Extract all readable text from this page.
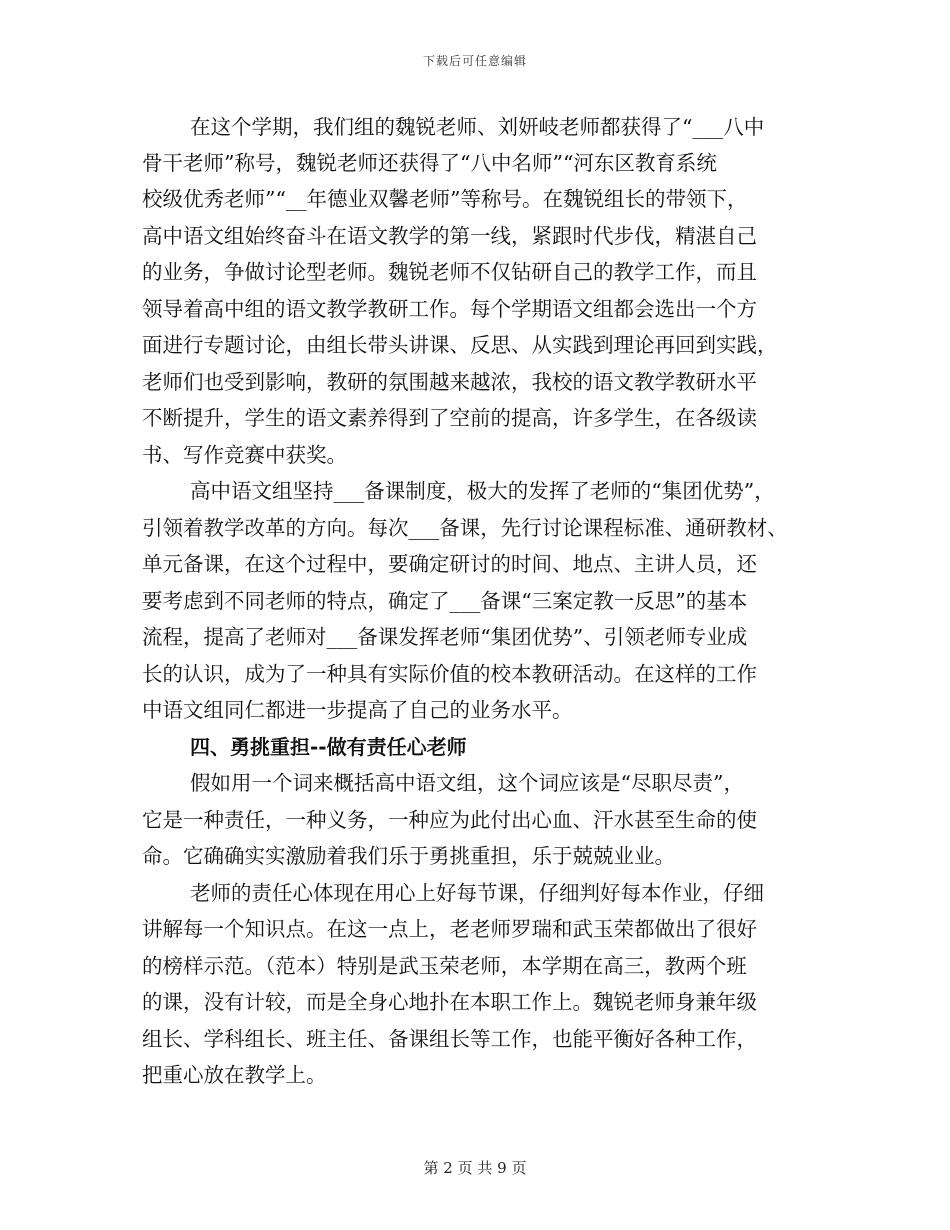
下载后可任意编辑
在这个学期，我们组的魏锐老师、刘妍岐老师都获得了“___八中
骨干老师”称号，魏锐老师还获得了“八中名师”“河东区教育系统
校级优秀老师”“__年德业双馨老师”等称号。在魏锐组长的带领下，
高中语文组始终奋斗在语文教学的第一线，紧跟时代步伐，精湛自己
的业务，争做讨论型老师。魏锐老师不仅钻研自己的教学工作，而且
领导着高中组的语文教学教研工作。每个学期语文组都会选出一个方
面进行专题讨论，由组长带头讲课、反思、从实践到理论再回到实践，
老师们也受到影响，教研的氛围越来越浓，我校的语文教学教研水平
不断提升，学生的语文素养得到了空前的提高，许多学生，在各级读
书、写作竞赛中获奖。
高中语文组坚持___备课制度，极大的发挥了老师的“集团优势”，
引领着教学改革的方向。每次___备课，先行讨论课程标准、通研教材、
单元备课，在这个过程中，要确定研讨的时间、地点、主讲人员，还
要考虑到不同老师的特点，确定了___备课“三案定教一反思”的基本
流程，提高了老师对___备课发挥老师“集团优势”、引领老师专业成
长的认识，成为了一种具有实际价值的校本教研活动。在这样的工作
中语文组同仁都进一步提高了自己的业务水平。
四、勇挑重担--做有责任心老师
假如用一个词来概括高中语文组，这个词应该是“尽职尽责”，
它是一种责任，一种义务，一种应为此付出心血、汗水甚至生命的使
命。它确确实实激励着我们乐于勇挑重担，乐于兢兢业业。
老师的责任心体现在用心上好每节课，仔细判好每本作业，仔细
讲解每一个知识点。在这一点上，老老师罗瑞和武玉荣都做出了很好
的榜样示范。（范本）特别是武玉荣老师，本学期在高三，教两个班
的课，没有计较，而是全身心地扑在本职工作上。魏锐老师身兼年级
组长、学科组长、班主任、备课组长等工作，也能平衡好各种工作，
把重心放在教学上。
第 2 页 共 9 页
